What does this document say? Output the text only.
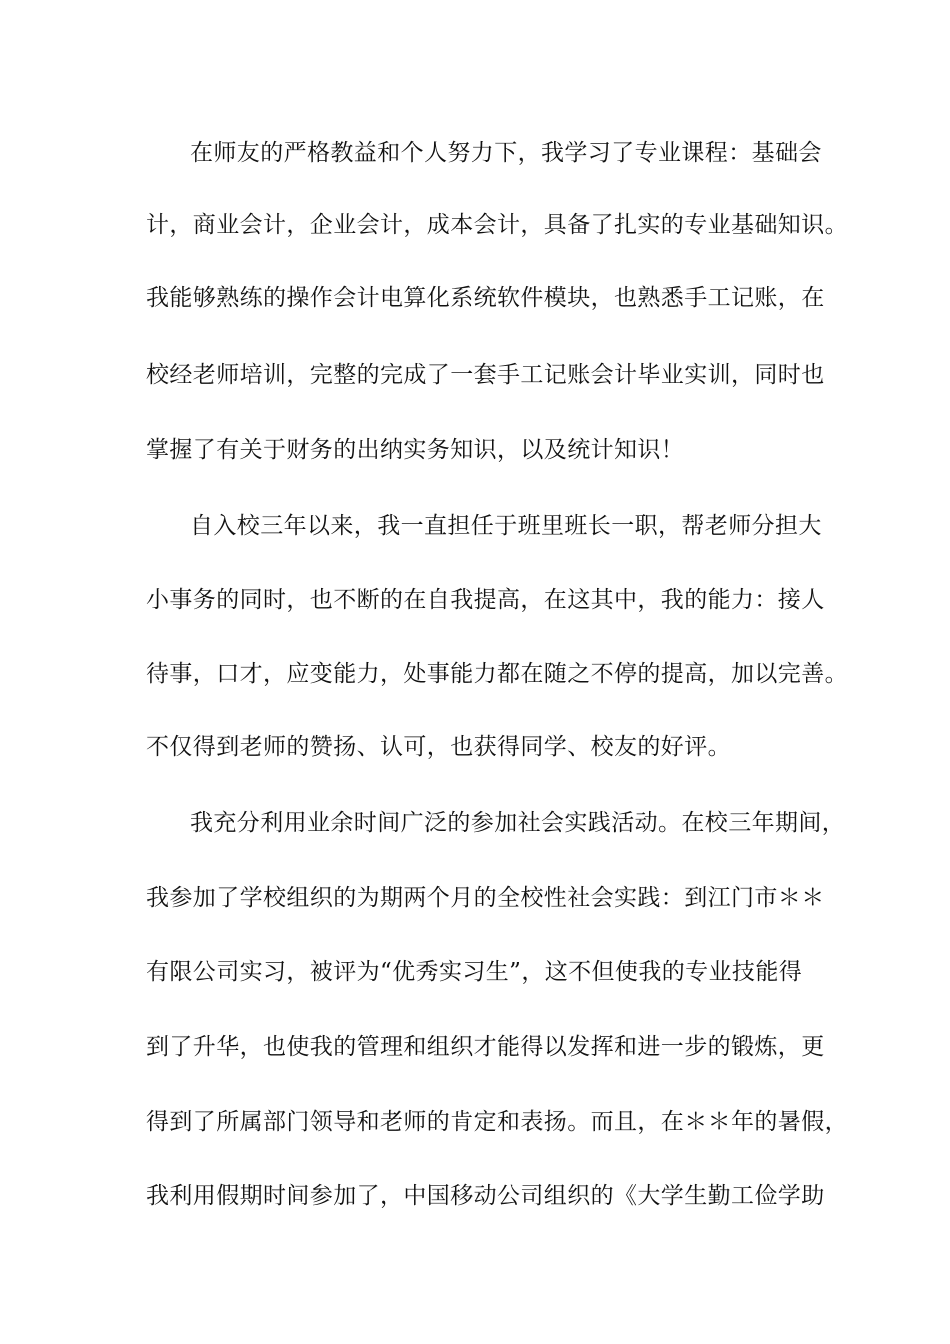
在师友的严格教益和个人努力下，我学习了专业课程：基础会
计，商业会计，企业会计，成本会计，具备了扎实的专业基础知识。
我能够熟练的操作会计电算化系统软件模块，也熟悉手工记账，在
校经老师培训，完整的完成了一套手工记账会计毕业实训，同时也
掌握了有关于财务的出纳实务知识，以及统计知识！
自入校三年以来，我一直担任于班里班长一职，帮老师分担大
小事务的同时，也不断的在自我提高，在这其中，我的能力：接人
待事，口才，应变能力，处事能力都在随之不停的提高，加以完善。
不仅得到老师的赞扬、认可，也获得同学、校友的好评。
我充分利用业余时间广泛的参加社会实践活动。在校三年期间，
我参加了学校组织的为期两个月的全校性社会实践：到江门市＊＊
有限公司实习，被评为“优秀实习生”，这不但使我的专业技能得
到了升华，也使我的管理和组织才能得以发挥和进一步的锻炼，更
得到了所属部门领导和老师的肯定和表扬。而且，在＊＊年的暑假，
我利用假期时间参加了，中国移动公司组织的《大学生勤工俭学助
